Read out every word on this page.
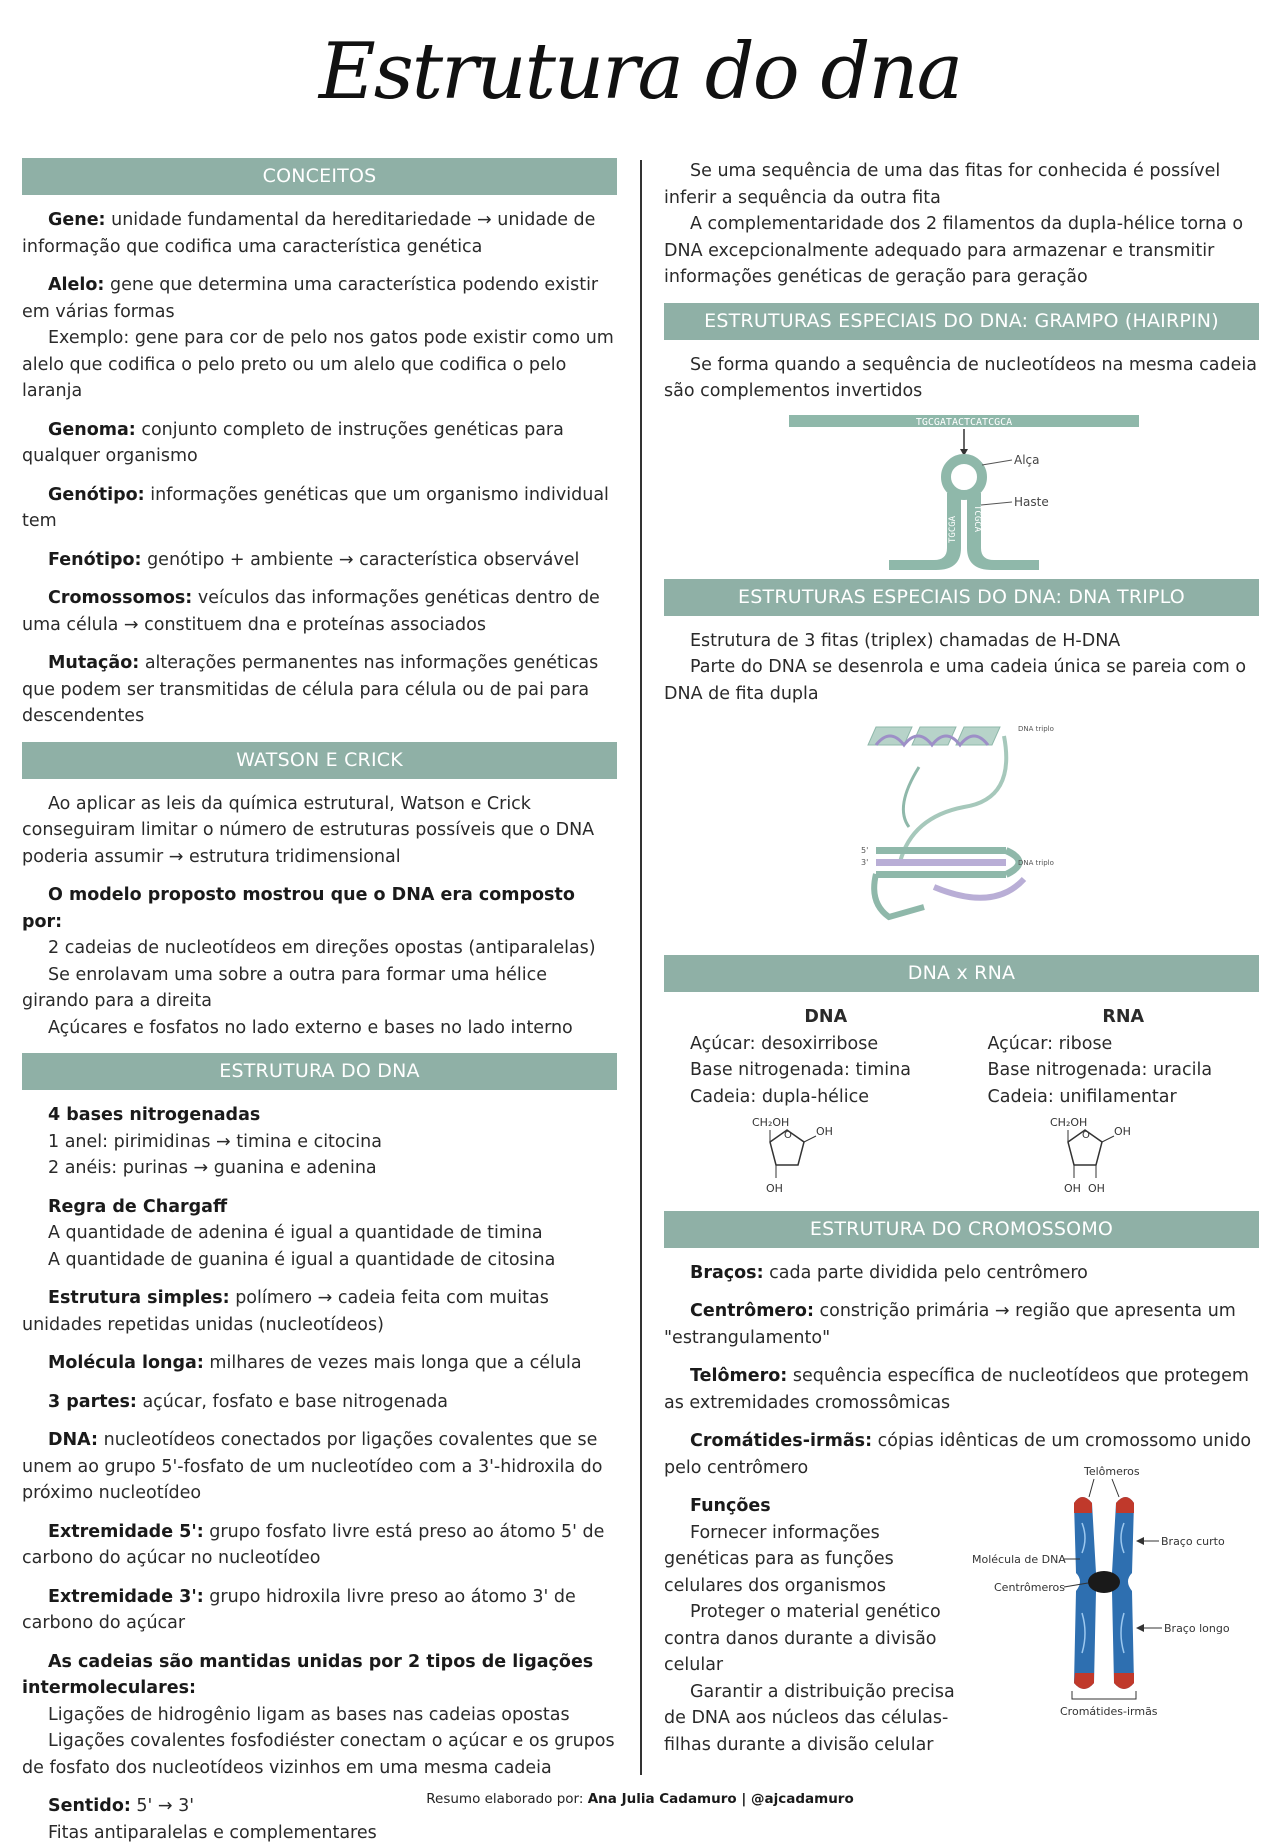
Estrutura do dna
CONCEITOS

Gene: unidade fundamental da hereditariedade → unidade de informação que codifica uma característica genética

Alelo: gene que determina uma característica podendo existir em várias formas

Exemplo: gene para cor de pelo nos gatos pode existir como um alelo que codifica o pelo preto ou um alelo que codifica o pelo laranja

Genoma: conjunto completo de instruções genéticas para qualquer organismo

Genótipo: informações genéticas que um organismo individual tem

Fenótipo: genótipo + ambiente → característica observável

Cromossomos: veículos das informações genéticas dentro de uma célula → constituem dna e proteínas associados

Mutação: alterações permanentes nas informações genéticas que podem ser transmitidas de célula para célula ou de pai para descendentes

WATSON E CRICK

Ao aplicar as leis da química estrutural, Watson e Crick conseguiram limitar o número de estruturas possíveis que o DNA poderia assumir → estrutura tridimensional

O modelo proposto mostrou que o DNA era composto por:

2 cadeias de nucleotídeos em direções opostas (antiparalelas)

Se enrolavam uma sobre a outra para formar uma hélice girando para a direita

Açúcares e fosfatos no lado externo e bases no lado interno

ESTRUTURA DO DNA

4 bases nitrogenadas

1 anel: pirimidinas → timina e citocina

2 anéis: purinas → guanina e adenina

Regra de Chargaff

A quantidade de adenina é igual a quantidade de timina

A quantidade de guanina é igual a quantidade de citosina

Estrutura simples: polímero → cadeia feita com muitas unidades repetidas unidas (nucleotídeos)

Molécula longa: milhares de vezes mais longa que a célula

3 partes: açúcar, fosfato e base nitrogenada

DNA: nucleotídeos conectados por ligações covalentes que se unem ao grupo 5'-fosfato de um nucleotídeo com a 3'-hidroxila do próximo nucleotídeo

Extremidade 5': grupo fosfato livre está preso ao átomo 5' de carbono do açúcar no nucleotídeo

Extremidade 3': grupo hidroxila livre preso ao átomo 3' de carbono do açúcar

As cadeias são mantidas unidas por 2 tipos de ligações intermoleculares:

Ligações de hidrogênio ligam as bases nas cadeias opostas

Ligações covalentes fosfodiéster conectam o açúcar e os grupos de fosfato dos nucleotídeos vizinhos em uma mesma cadeia

Sentido: 5' → 3'

Fitas antiparalelas e complementares

Se uma sequência de uma das fitas for conhecida é possível inferir a sequência da outra fita

A complementaridade dos 2 filamentos da dupla-hélice torna o DNA excepcionalmente adequado para armazenar e transmitir informações genéticas de geração para geração

ESTRUTURAS ESPECIAIS DO DNA: GRAMPO (HAIRPIN)

Se forma quando a sequência de nucleotídeos na mesma cadeia são complementos invertidos

TGCGATACTCATCGCA
TGCGA TCGCA
Alça
Haste
ESTRUTURAS ESPECIAIS DO DNA: DNA TRIPLO

Estrutura de 3 fitas (triplex) chamadas de H-DNA

Parte do DNA se desenrola e uma cadeia única se pareia com o DNA de fita dupla

DNA triplo
5'
3'	DNA triplo
DNA x RNA
DNA
Açúcar: desoxirribose
Base nitrogenada: timina
Cadeia: dupla-hélice
CH₂OH
O OH
OH
RNA
Açúcar: ribose
Base nitrogenada: uracila
Cadeia: unifilamentar
CH₂OH
O OH
OH OH
ESTRUTURA DO CROMOSSOMO

Braços: cada parte dividida pelo centrômero

Centrômero: constrição primária → região que apresenta um "estrangulamento"

Telômero: sequência específica de nucleotídeos que protegem as extremidades cromossômicas

Cromátides-irmãs: cópias idênticas de um cromossomo unido pelo centrômero

Funções

Fornecer informações genéticas para as funções celulares dos organismos

Proteger o material genético contra danos durante a divisão celular

Garantir a distribuição precisa de DNA aos núcleos das células-filhas durante a divisão celular

Telômeros
Molécula de DNA
Centrômeros
Braço curto
Braço longo
Cromátides-irmãs
Resumo elaborado por: Ana Julia Cadamuro | @ajcadamuro
